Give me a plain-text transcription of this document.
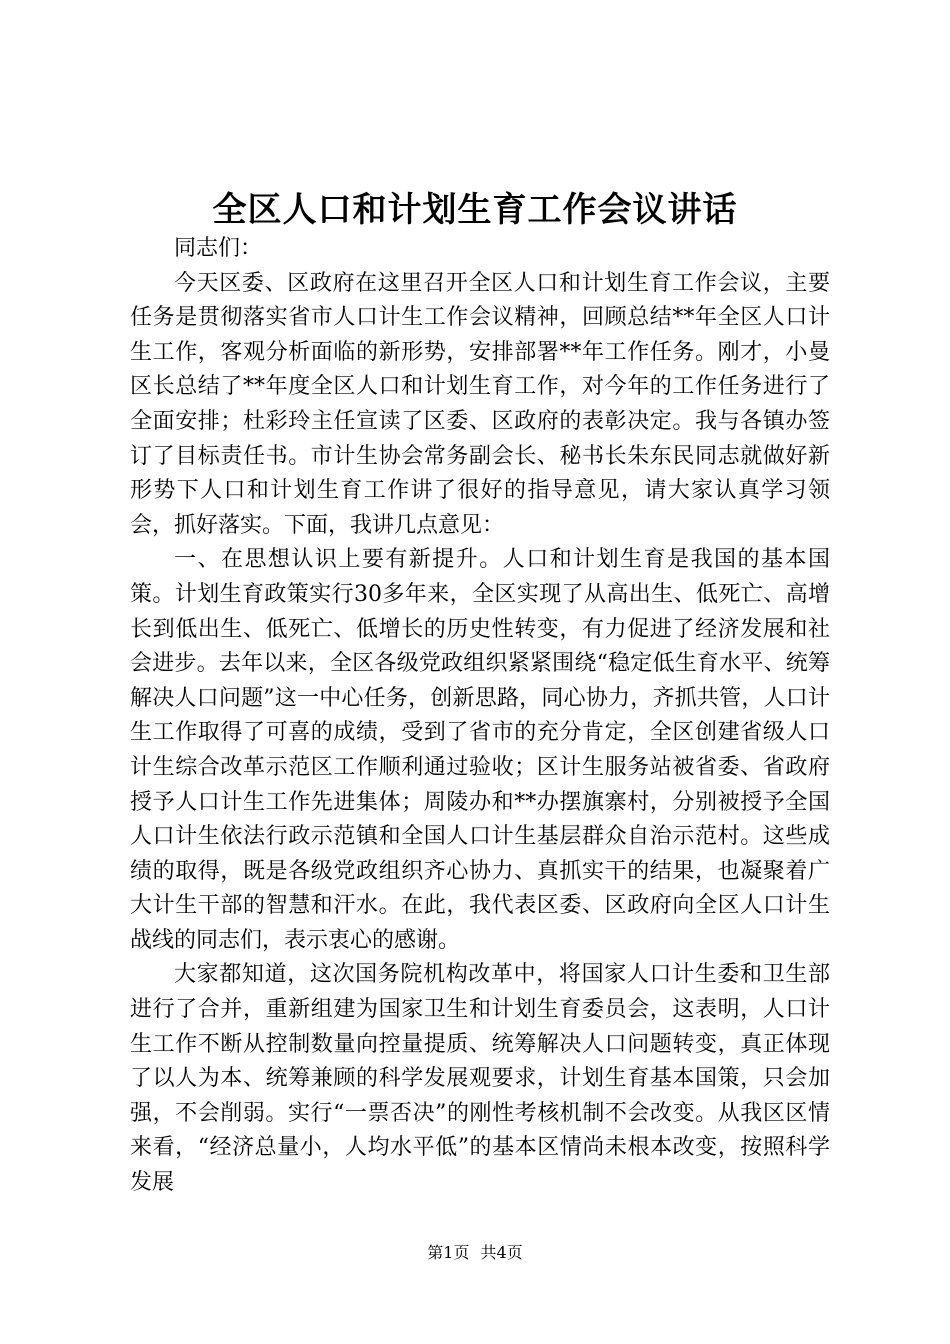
全区人口和计划生育工作会议讲话

同志们：

今天区委、区政府在这里召开全区人口和计划生育工作会议，主要任务是贯彻落实省市人口计生工作会议精神，回顾总结**年全区人口计生工作，客观分析面临的新形势，安排部署**年工作任务。刚才，小曼区长总结了**年度全区人口和计划生育工作，对今年的工作任务进行了全面安排；杜彩玲主任宣读了区委、区政府的表彰决定。我与各镇办签订了目标责任书。市计生协会常务副会长、秘书长朱东民同志就做好新形势下人口和计划生育工作讲了很好的指导意见，请大家认真学习领会，抓好落实。下面，我讲几点意见：

一、在思想认识上要有新提升。人口和计划生育是我国的基本国策。计划生育政策实行30多年来，全区实现了从高出生、低死亡、高增长到低出生、低死亡、低增长的历史性转变，有力促进了经济发展和社会进步。去年以来，全区各级党政组织紧紧围绕“稳定低生育水平、统筹解决人口问题”这一中心任务，创新思路，同心协力，齐抓共管，人口计生工作取得了可喜的成绩，受到了省市的充分肯定，全区创建省级人口计生综合改革示范区工作顺利通过验收；区计生服务站被省委、省政府授予人口计生工作先进集体；周陵办和**办摆旗寨村，分别被授予全国人口计生依法行政示范镇和全国人口计生基层群众自治示范村。这些成绩的取得，既是各级党政组织齐心协力、真抓实干的结果，也凝聚着广大计生干部的智慧和汗水。在此，我代表区委、区政府向全区人口计生战线的同志们，表示衷心的感谢。

大家都知道，这次国务院机构改革中，将国家人口计生委和卫生部进行了合并，重新组建为国家卫生和计划生育委员会，这表明，人口计生工作不断从控制数量向控量提质、统筹解决人口问题转变，真正体现了以人为本、统筹兼顾的科学发展观要求，计划生育基本国策，只会加强，不会削弱。实行“一票否决”的刚性考核机制不会改变。从我区区情来看，“经济总量小，人均水平低”的基本区情尚未根本改变，按照科学发展

第1页 共4页
